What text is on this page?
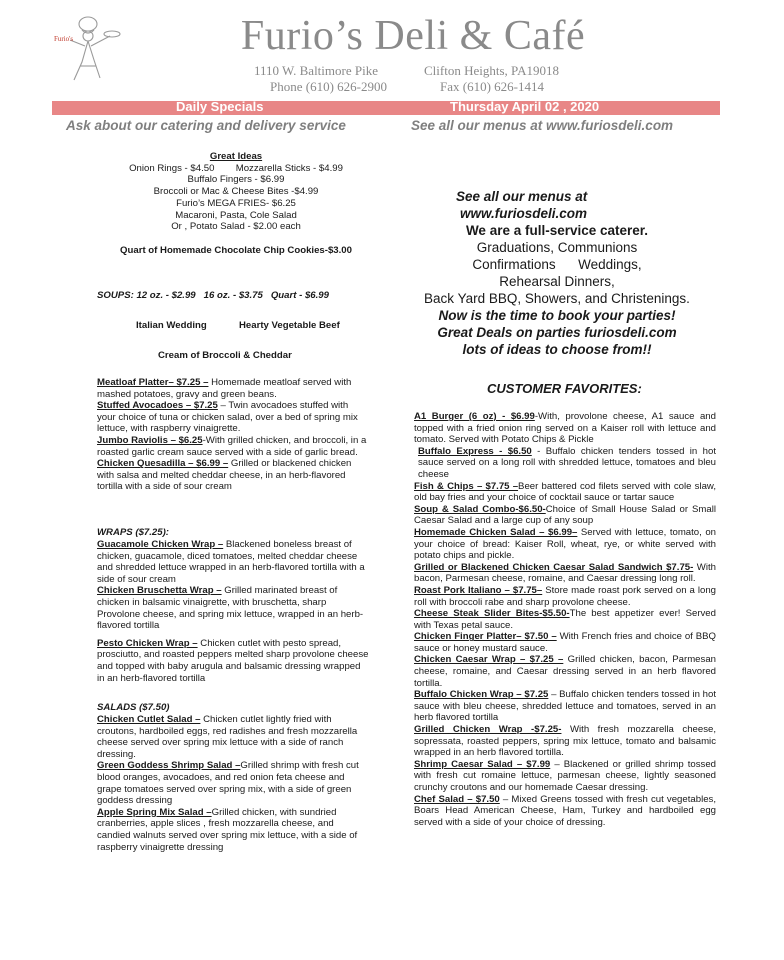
Furio's	Furio’s Deli & Café
1110 W. Baltimore Pike	Clifton Heights, PA19018
Phone (610) 626-2900	Fax (610) 626-1414
Daily Specials	Thursday April 02 , 2020
Ask about our catering and delivery service	See all our menus at www.furiosdeli.com
Great Ideas
Onion Rings - $4.50 Mozzarella Sticks - $4.99
Buffalo Fingers - $6.99
Broccoli or Mac & Cheese Bites -$4.99
Furio’s MEGA FRIES- $6.25
Macaroni, Pasta, Cole Salad
Or , Potato Salad - $2.00 each
Quart of Homemade Chocolate Chip Cookies-$3.00
SOUPS: 12 oz. - $2.99   16 oz. - $3.75   Quart - $6.99
Italian Wedding	Hearty Vegetable Beef
Cream of Broccoli & Cheddar
Meatloaf Platter– $7.25 – Homemade meatloaf served with mashed potatoes, gravy and green beans.
Stuffed Avocadoes – $7.25 – Twin avocadoes stuffed with your choice of tuna or chicken salad, over a bed of spring mix lettuce, with raspberry vinaigrette.
Jumbo Raviolis – $6.25-With grilled chicken, and broccoli, in a roasted garlic cream sauce served with a side of garlic bread.
Chicken Quesadilla – $6.99 – Grilled or blackened chicken with salsa and melted cheddar cheese, in an herb-flavored tortilla with a side of sour cream
WRAPS ($7.25):
Guacamole Chicken Wrap – Blackened boneless breast of chicken, guacamole, diced tomatoes, melted cheddar cheese and shredded lettuce wrapped in an herb-flavored tortilla with a side of sour cream
Chicken Bruschetta Wrap – Grilled marinated breast of chicken in balsamic vinaigrette, with bruschetta, sharp Provolone cheese, and spring mix lettuce, wrapped in an herb-flavored tortilla
Pesto Chicken Wrap – Chicken cutlet with pesto spread, prosciutto, and roasted peppers melted sharp provolone cheese and topped with baby arugula and balsamic dressing wrapped in an herb-flavored tortilla
SALADS ($7.50)
Chicken Cutlet Salad – Chicken cutlet lightly fried with croutons, hardboiled eggs, red radishes and fresh mozzarella cheese served over spring mix lettuce with a side of ranch dressing.
Green Goddess Shrimp Salad –Grilled shrimp with fresh cut blood oranges, avocadoes, and red onion feta cheese and grape tomatoes served over spring mix, with a side of green goddess dressing
Apple Spring Mix Salad –Grilled chicken, with sundried cranberries, apple slices , fresh mozzarella cheese, and candied walnuts served over spring mix lettuce, with a side of raspberry vinaigrette dressing
See all our menus at
www.furiosdeli.com
We are a full-service caterer.
Graduations, Communions
Confirmations      Weddings,
Rehearsal Dinners,
Back Yard BBQ, Showers, and Christenings.
Now is the time to book your parties!
Great Deals on parties furiosdeli.com
lots of ideas to choose from!!
CUSTOMER FAVORITES:
A1 Burger (6 oz) - $6.99-With, provolone cheese, A1 sauce and topped with a fried onion ring served on a Kaiser roll with lettuce and tomato. Served with Potato Chips & Pickle
Buffalo Express - $6.50 - Buffalo chicken tenders tossed in hot sauce served on a long roll with shredded lettuce, tomatoes and bleu cheese
Fish & Chips – $7.75 –Beer battered cod filets served with cole slaw, old bay fries and your choice of cocktail sauce or tartar sauce
Soup & Salad Combo-$6.50-Choice of Small House Salad or Small Caesar Salad and a large cup of any soup
Homemade Chicken Salad – $6.99– Served with lettuce, tomato, on your choice of bread: Kaiser Roll, wheat, rye, or white served with potato chips and pickle.
Grilled or Blackened Chicken Caesar Salad Sandwich $7.75- With bacon, Parmesan cheese, romaine, and Caesar dressing long roll.
Roast Pork Italiano – $7.75– Store made roast pork served on a long roll with broccoli rabe and sharp provolone cheese.
Cheese Steak Slider Bites-$5.50-The best appetizer ever! Served with Texas petal sauce.
Chicken Finger Platter– $7.50 – With French fries and choice of BBQ sauce or honey mustard sauce.
Chicken Caesar Wrap – $7.25 – Grilled chicken, bacon, Parmesan cheese, romaine, and Caesar dressing served in an herb flavored tortilla.
Buffalo Chicken Wrap – $7.25 – Buffalo chicken tenders tossed in hot sauce with bleu cheese, shredded lettuce and tomatoes, served in an herb flavored tortilla
Grilled Chicken Wrap -$7.25- With fresh mozzarella cheese, sopressata, roasted peppers, spring mix lettuce, tomato and balsamic wrapped in an herb flavored tortilla.
Shrimp Caesar Salad – $7.99 – Blackened or grilled shrimp tossed with fresh cut romaine lettuce, parmesan cheese, lightly seasoned crunchy croutons and our homemade Caesar dressing.
Chef Salad – $7.50 – Mixed Greens tossed with fresh cut vegetables, Boars Head American Cheese, Ham, Turkey and hardboiled egg served with a side of your choice of dressing.
